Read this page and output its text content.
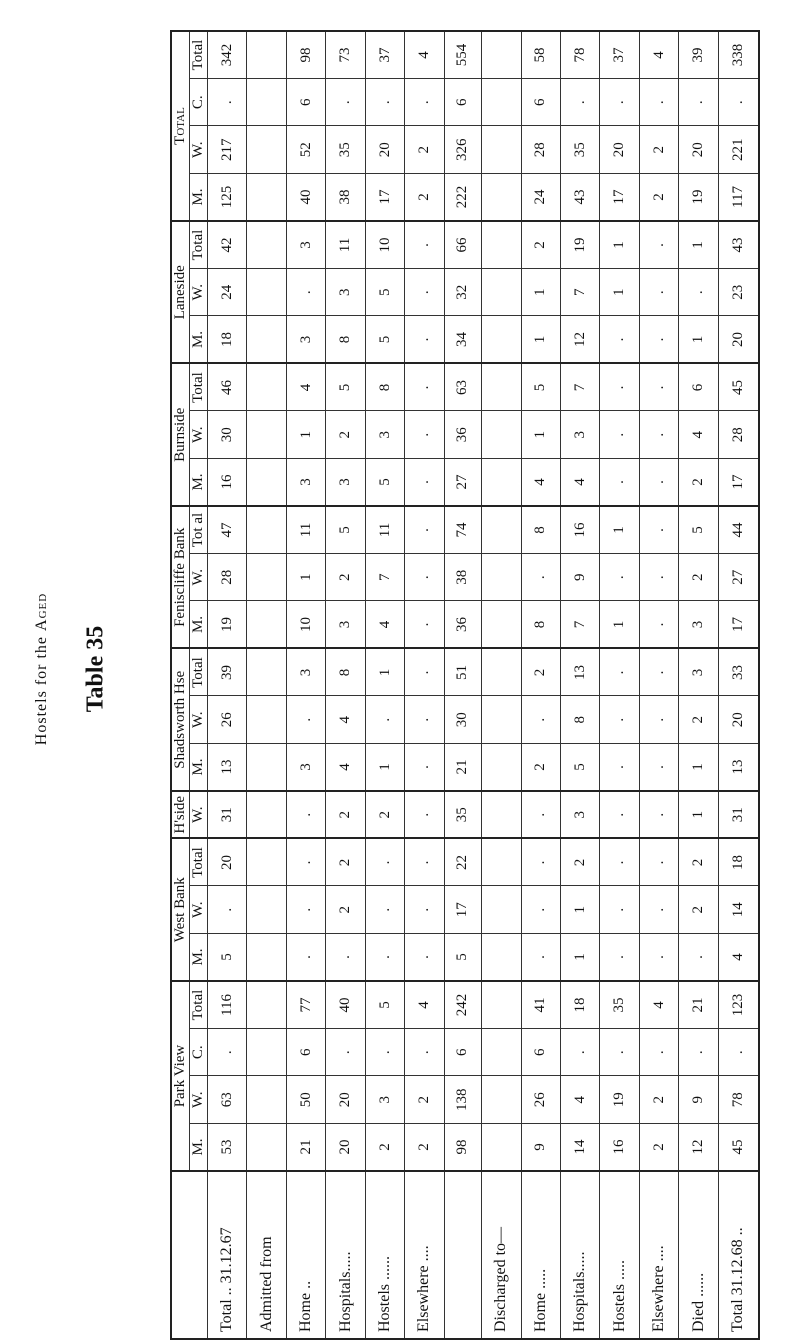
Hostels for the Aged
Table 35
	Park View				West Bank			H'side	Shadsworth Hse			Feniscliffe Bank			Burnside			Laneside			Total			
	M.	W.	C.	Total	M.	W.	Total	W.	M.	W.	Total	M.	W.	Tot al	M.	W.	Total	M.	W.	Total	M.	W.	C.	Total
Total .. 31.12.67	53	63	.	116	5	.	20	31	13	26	39	19	28	47	16	30	46	18	24	42	125	217	.	342
Admitted from																								
Home ..	21	50	6	77	.	.	.	.	3	.	3	10	1	11	3	1	4	3	.	3	40	52	6	98
Hospitals.....	20	20	.	40	.	2	2	2	4	4	8	3	2	5	3	2	5	8	3	11	38	35	.	73
Hostels ......	2	3	.	5	.	.	.	2	1	.	1	4	7	11	5	3	8	5	5	10	17	20	.	37
Elsewhere ....	2	2	.	4	.	.	.	.	.	.	.	.	.	.	.	.	.	.	.	.	2	2	.	4
	98	138	6	242	5	17	22	35	21	30	51	36	38	74	27	36	63	34	32	66	222	326	6	554
Discharged to—																								
Home .....	9	26	6	41	.	.	.	.	2	.	2	8	.	8	4	1	5	1	1	2	24	28	6	58
Hospitals.....	14	4	.	18	1	1	2	3	5	8	13	7	9	16	4	3	7	12	7	19	43	35	.	78
Hostels .....	16	19	.	35	.	.	.	.	.	.	.	1	.	1	.	.	.	.	1	1	17	20	.	37
Elsewhere ....	2	2	.	4	.	.	.	.	.	.	.	.	.	.	.	.	.	.	.	.	2	2	.	4
Died ......	12	9	.	21	.	2	2	1	1	2	3	3	2	5	2	4	6	1	.	1	19	20	.	39
Total 31.12.68 ..	45	78	.	123	4	14	18	31	13	20	33	17	27	44	17	28	45	20	23	43	117	221	.	338
